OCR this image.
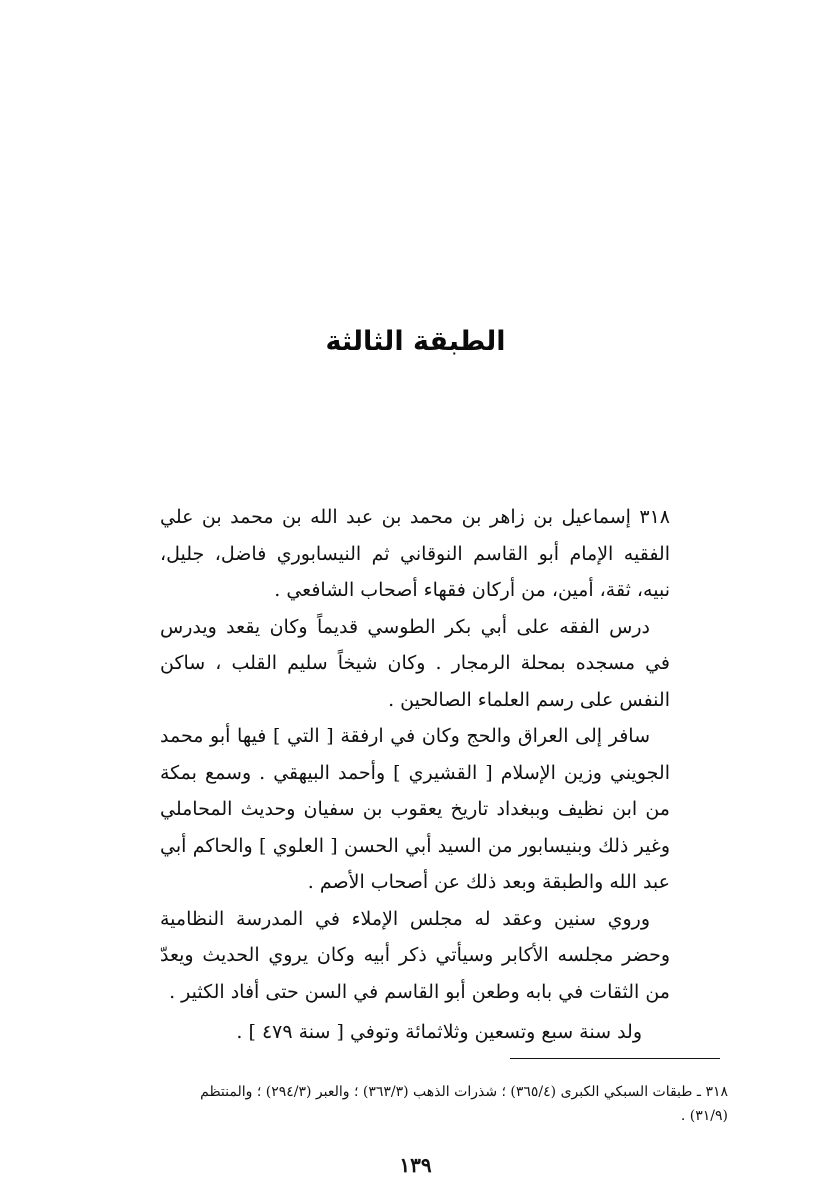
الطبقة الثالثة

٣١٨ إسماعيل بن زاهر بن محمد بن عبد الله بن محمد بن علي الفقيه الإمام أبو القاسم النوقاني ثم النيسابوري فاضل، جليل، نبيه، ثقة، أمين، من أركان فقهاء أصحاب الشافعي .

درس الفقه على أبي بكر الطوسي قديماً وكان يقعد ويدرس في مسجده بمحلة الرمجار . وكان شيخاً سليم القلب ، ساكن النفس على رسم العلماء الصالحين .

سافر إلى العراق والحج وكان في ارفقة [ التي ] فيها أبو محمد الجويني وزين الإسلام [ القشيري ] وأحمد البيهقي . وسمع بمكة من ابن نظيف وببغداد تاريخ يعقوب بن سفيان وحديث المحاملي وغير ذلك وبنيسابور من السيد أبي الحسن [ العلوي ] والحاكم أبي عبد الله والطبقة وبعد ذلك عن أصحاب الأصم .

وروي سنين وعقد له مجلس الإملاء في المدرسة النظامية وحضر مجلسه الأكابر وسيأتي ذكر أبيه وكان يروي الحديث ويعدّ من الثقات في بابه وطعن أبو القاسم في السن حتى أفاد الكثير .

ولد سنة سبع وتسعين وثلاثمائة وتوفي [ سنة ٤٧٩ ] .

٣١٨ ـ طبقات السبكي الكبرى (٣٦٥/٤) ؛ شذرات الذهب (٣٦٣/٣) ؛ والعبر (٢٩٤/٣) ؛ والمنتظم (٣١/٩) .

١٣٩
